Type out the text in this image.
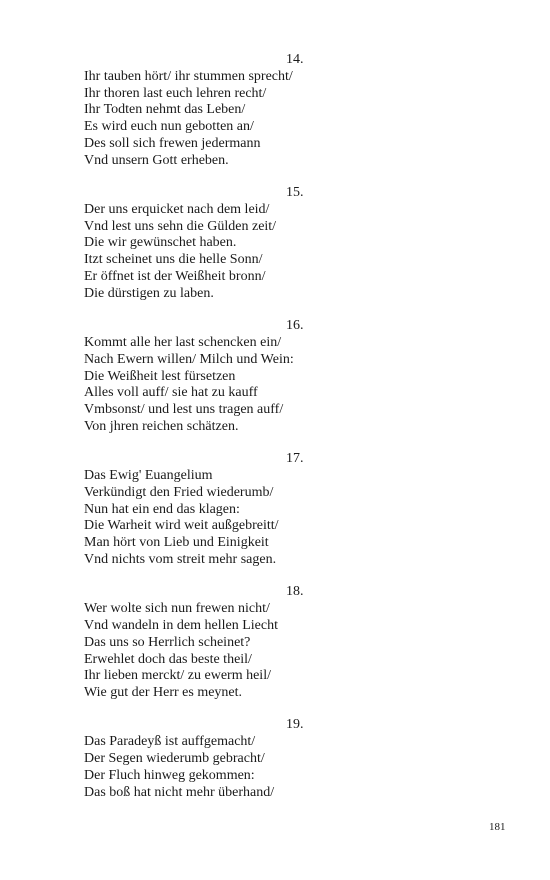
14.
Ihr tauben hört/ ihr stummen sprecht/
Ihr thoren last euch lehren recht/
Ihr Todten nehmt das Leben/
Es wird euch nun gebotten an/
Des soll sich frewen jedermann
Vnd unsern Gott erheben.
15.
Der uns erquicket nach dem leid/
Vnd lest uns sehn die Gülden zeit/
Die wir gewünschet haben.
Itzt scheinet uns die helle Sonn/
Er öffnet ist der Weißheit bronn/
Die dürstigen zu laben.
16.
Kommt alle her last schencken ein/
Nach Ewern willen/ Milch und Wein:
Die Weißheit lest fürsetzen
Alles voll auff/ sie hat zu kauff
Vmbsonst/ und lest uns tragen auff/
Von jhren reichen schätzen.
17.
Das Ewig' Euangelium
Verkündigt den Fried wiederumb/
Nun hat ein end das klagen:
Die Warheit wird weit außgebreitt/
Man hört von Lieb und Einigkeit
Vnd nichts vom streit mehr sagen.
18.
Wer wolte sich nun frewen nicht/
Vnd wandeln in dem hellen Liecht
Das uns so Herrlich scheinet?
Erwehlet doch das beste theil/
Ihr lieben merckt/ zu ewerm heil/
Wie gut der Herr es meynet.
19.
Das Paradeyß ist auffgemacht/
Der Segen wiederumb gebracht/
Der Fluch hinweg gekommen:
Das boß hat nicht mehr überhand/
181
